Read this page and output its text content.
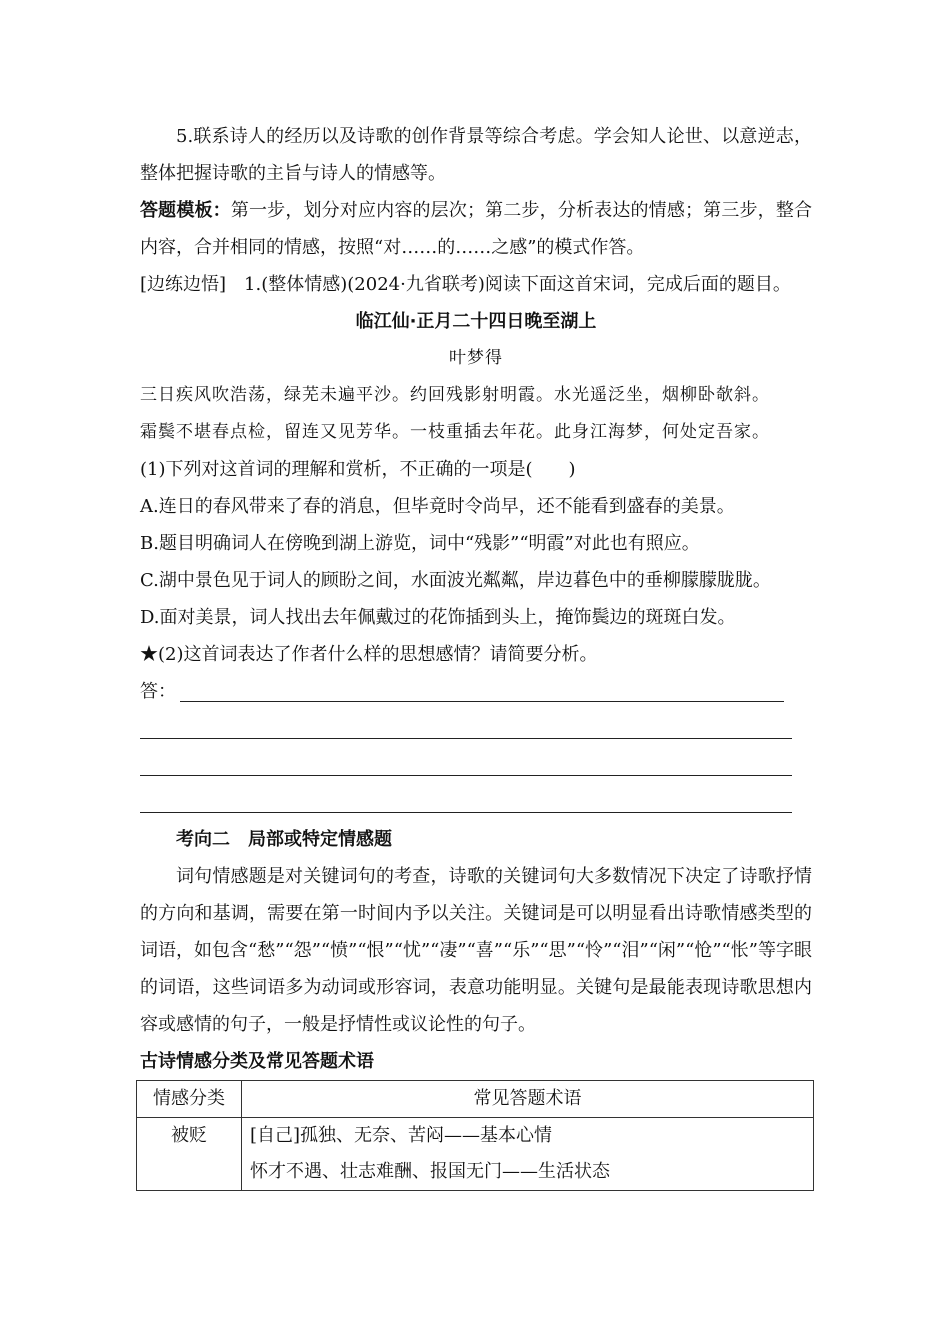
5.联系诗人的经历以及诗歌的创作背景等综合考虑。学会知人论世、以意逆志，整体把握诗歌的主旨与诗人的情感等。

答题模板：第一步，划分对应内容的层次；第二步，分析表达的情感；第三步，整合内容，合并相同的情感，按照“对……的……之感”的模式作答。

[边练边悟]　 1.(整体情感)(2024·九省联考)阅读下面这首宋词，完成后面的题目。

临江仙·正月二十四日晚至湖上

叶梦得

三日疾风吹浩荡，绿芜未遍平沙。约回残影射明霞。水光遥泛坐，烟柳卧欹斜。

霜鬓不堪春点检，留连又见芳华。一枝重插去年花。此身江海梦，何处定吾家。

(1)下列对这首词的理解和赏析，不正确的一项是( )

A.连日的春风带来了春的消息，但毕竟时令尚早，还不能看到盛春的美景。

B.题目明确词人在傍晚到湖上游览，词中“残影”“明霞”对此也有照应。

C.湖中景色见于词人的顾盼之间，水面波光粼粼，岸边暮色中的垂柳朦朦胧胧。

D.面对美景，词人找出去年佩戴过的花饰插到头上，掩饰鬓边的斑斑白发。

★(2)这首词表达了作者什么样的思想感情？请简要分析。

答：

考向二　局部或特定情感题

词句情感题是对关键词句的考查，诗歌的关键词句大多数情况下决定了诗歌抒情的方向和基调，需要在第一时间内予以关注。关键词是可以明显看出诗歌情感类型的词语，如包含“愁”“怨”“愤”“恨”“忧”“凄”“喜”“乐”“思”“怜”“泪”“闲”“怆”“怅”等字眼的词语，这些词语多为动词或形容词，表意功能明显。关键句是最能表现诗歌思想内容或感情的句子，一般是抒情性或议论性的句子。

古诗情感分类及常见答题术语

情感分类	常见答题术语
被贬	[自己]孤独、无奈、苦闷——基本心情
怀才不遇、壮志难酬、报国无门——生活状态
